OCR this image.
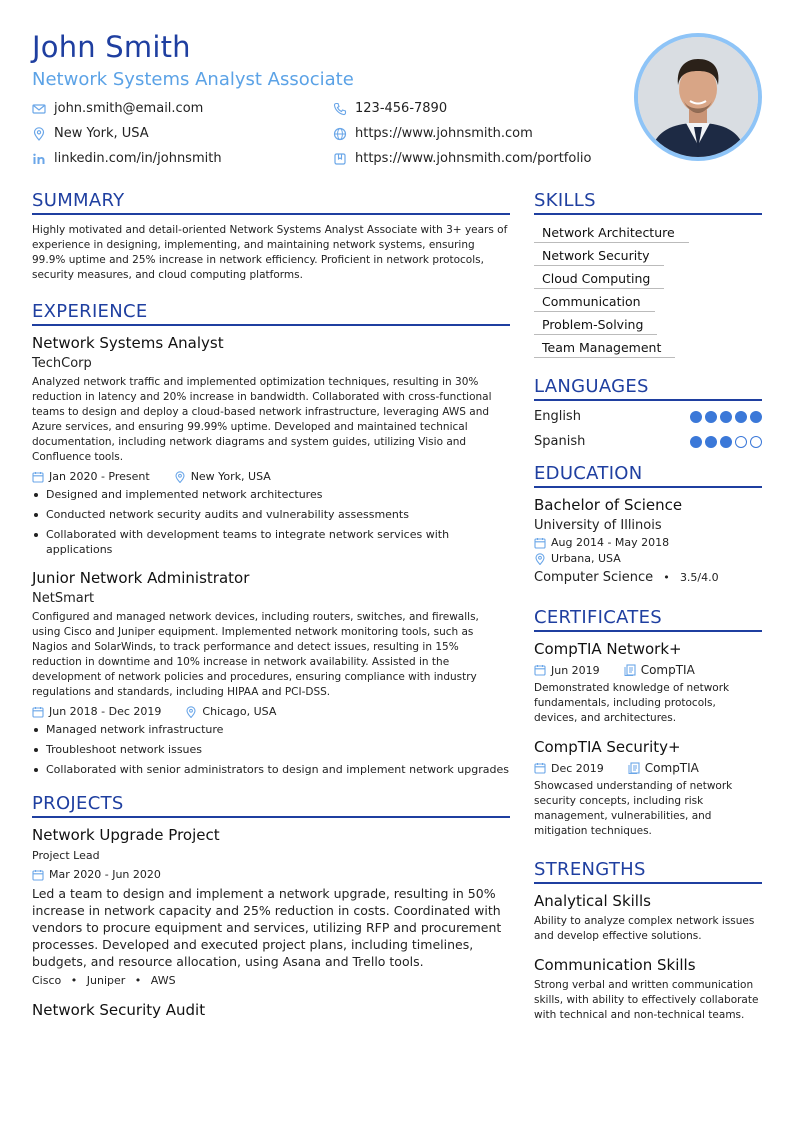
John Smith
Network Systems Analyst Associate
john.smith@email.com	123-456-7890
New York, USA	https://www.johnsmith.com
linkedin.com/in/johnsmith	https://www.johnsmith.com/portfolio
SUMMARY
Highly motivated and detail-oriented Network Systems Analyst Associate with 3+ years of experience in designing, implementing, and maintaining network systems, ensuring 99.9% uptime and 25% increase in network efficiency. Proficient in network protocols, security measures, and cloud computing platforms.
EXPERIENCE
Network Systems Analyst
TechCorp
Analyzed network traffic and implemented optimization techniques, resulting in 30% reduction in latency and 20% increase in bandwidth. Collaborated with cross-functional teams to design and deploy a cloud-based network infrastructure, leveraging AWS and Azure services, and ensuring 99.99% uptime. Developed and maintained technical documentation, including network diagrams and system guides, utilizing Visio and Confluence tools.
Jan 2020 - Present	New York, USA
Designed and implemented network architectures
Conducted network security audits and vulnerability assessments
Collaborated with development teams to integrate network services with applications
Junior Network Administrator
NetSmart
Configured and managed network devices, including routers, switches, and firewalls, using Cisco and Juniper equipment. Implemented network monitoring tools, such as Nagios and SolarWinds, to track performance and detect issues, resulting in 15% reduction in downtime and 10% increase in network availability. Assisted in the development of network policies and procedures, ensuring compliance with industry regulations and standards, including HIPAA and PCI-DSS.
Jun 2018 - Dec 2019	Chicago, USA
Managed network infrastructure
Troubleshoot network issues
Collaborated with senior administrators to design and implement network upgrades
PROJECTS
Network Upgrade Project
Project Lead
Mar 2020 - Jun 2020
Led a team to design and implement a network upgrade, resulting in 50% increase in network capacity and 25% reduction in costs. Coordinated with vendors to procure equipment and services, utilizing RFP and procurement processes. Developed and executed project plans, including timelines, budgets, and resource allocation, using Asana and Trello tools.
Cisco • Juniper • AWS
Network Security Audit
SKILLS
Network Architecture
Network Security
Cloud Computing
Communication
Problem-Solving
Team Management
LANGUAGES
English
Spanish
EDUCATION
Bachelor of Science
University of Illinois
Aug 2014 - May 2018
Urbana, USA
Computer Science • 3.5/4.0
CERTIFICATES
CompTIA Network+
Jun 2019	CompTIA
Demonstrated knowledge of network fundamentals, including protocols, devices, and architectures.
CompTIA Security+
Dec 2019	CompTIA
Showcased understanding of network security concepts, including risk management, vulnerabilities, and mitigation techniques.
STRENGTHS
Analytical Skills
Ability to analyze complex network issues and develop effective solutions.
Communication Skills
Strong verbal and written communication skills, with ability to effectively collaborate with technical and non-technical teams.
